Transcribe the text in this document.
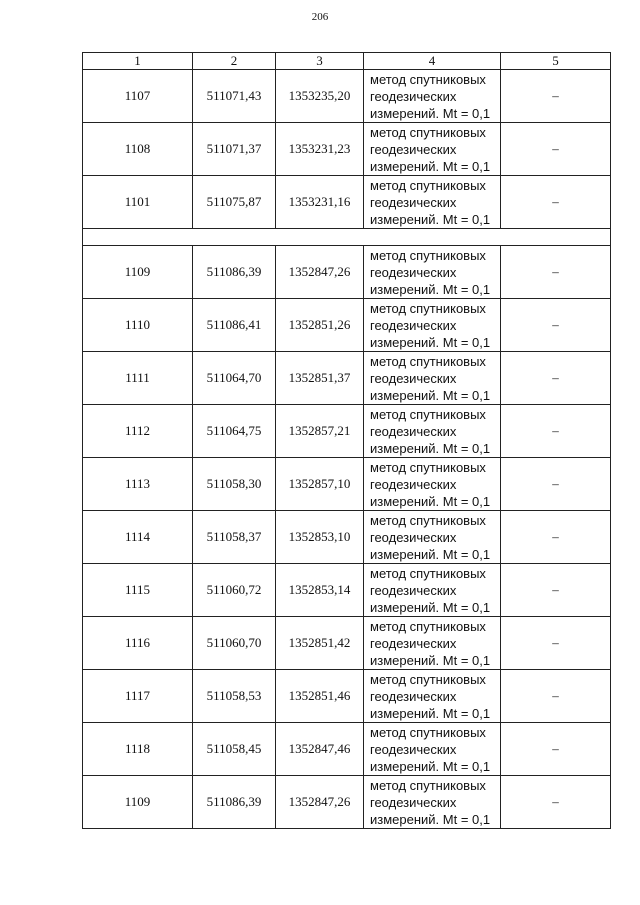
206
1	2	3	4	5
1107	511071,43	1353235,20	метод спутниковых
геодезических
измерений. Mt = 0,1	–
1108	511071,37	1353231,23	метод спутниковых
геодезических
измерений. Mt = 0,1	–
1101	511075,87	1353231,16	метод спутниковых
геодезических
измерений. Mt = 0,1	–

1109	511086,39	1352847,26	метод спутниковых
геодезических
измерений. Mt = 0,1	–
1110	511086,41	1352851,26	метод спутниковых
геодезических
измерений. Mt = 0,1	–
1111	511064,70	1352851,37	метод спутниковых
геодезических
измерений. Mt = 0,1	–
1112	511064,75	1352857,21	метод спутниковых
геодезических
измерений. Mt = 0,1	–
1113	511058,30	1352857,10	метод спутниковых
геодезических
измерений. Mt = 0,1	–
1114	511058,37	1352853,10	метод спутниковых
геодезических
измерений. Mt = 0,1	–
1115	511060,72	1352853,14	метод спутниковых
геодезических
измерений. Mt = 0,1	–
1116	511060,70	1352851,42	метод спутниковых
геодезических
измерений. Mt = 0,1	–
1117	511058,53	1352851,46	метод спутниковых
геодезических
измерений. Mt = 0,1	–
1118	511058,45	1352847,46	метод спутниковых
геодезических
измерений. Mt = 0,1	–
1109	511086,39	1352847,26	метод спутниковых
геодезических
измерений. Mt = 0,1	–
